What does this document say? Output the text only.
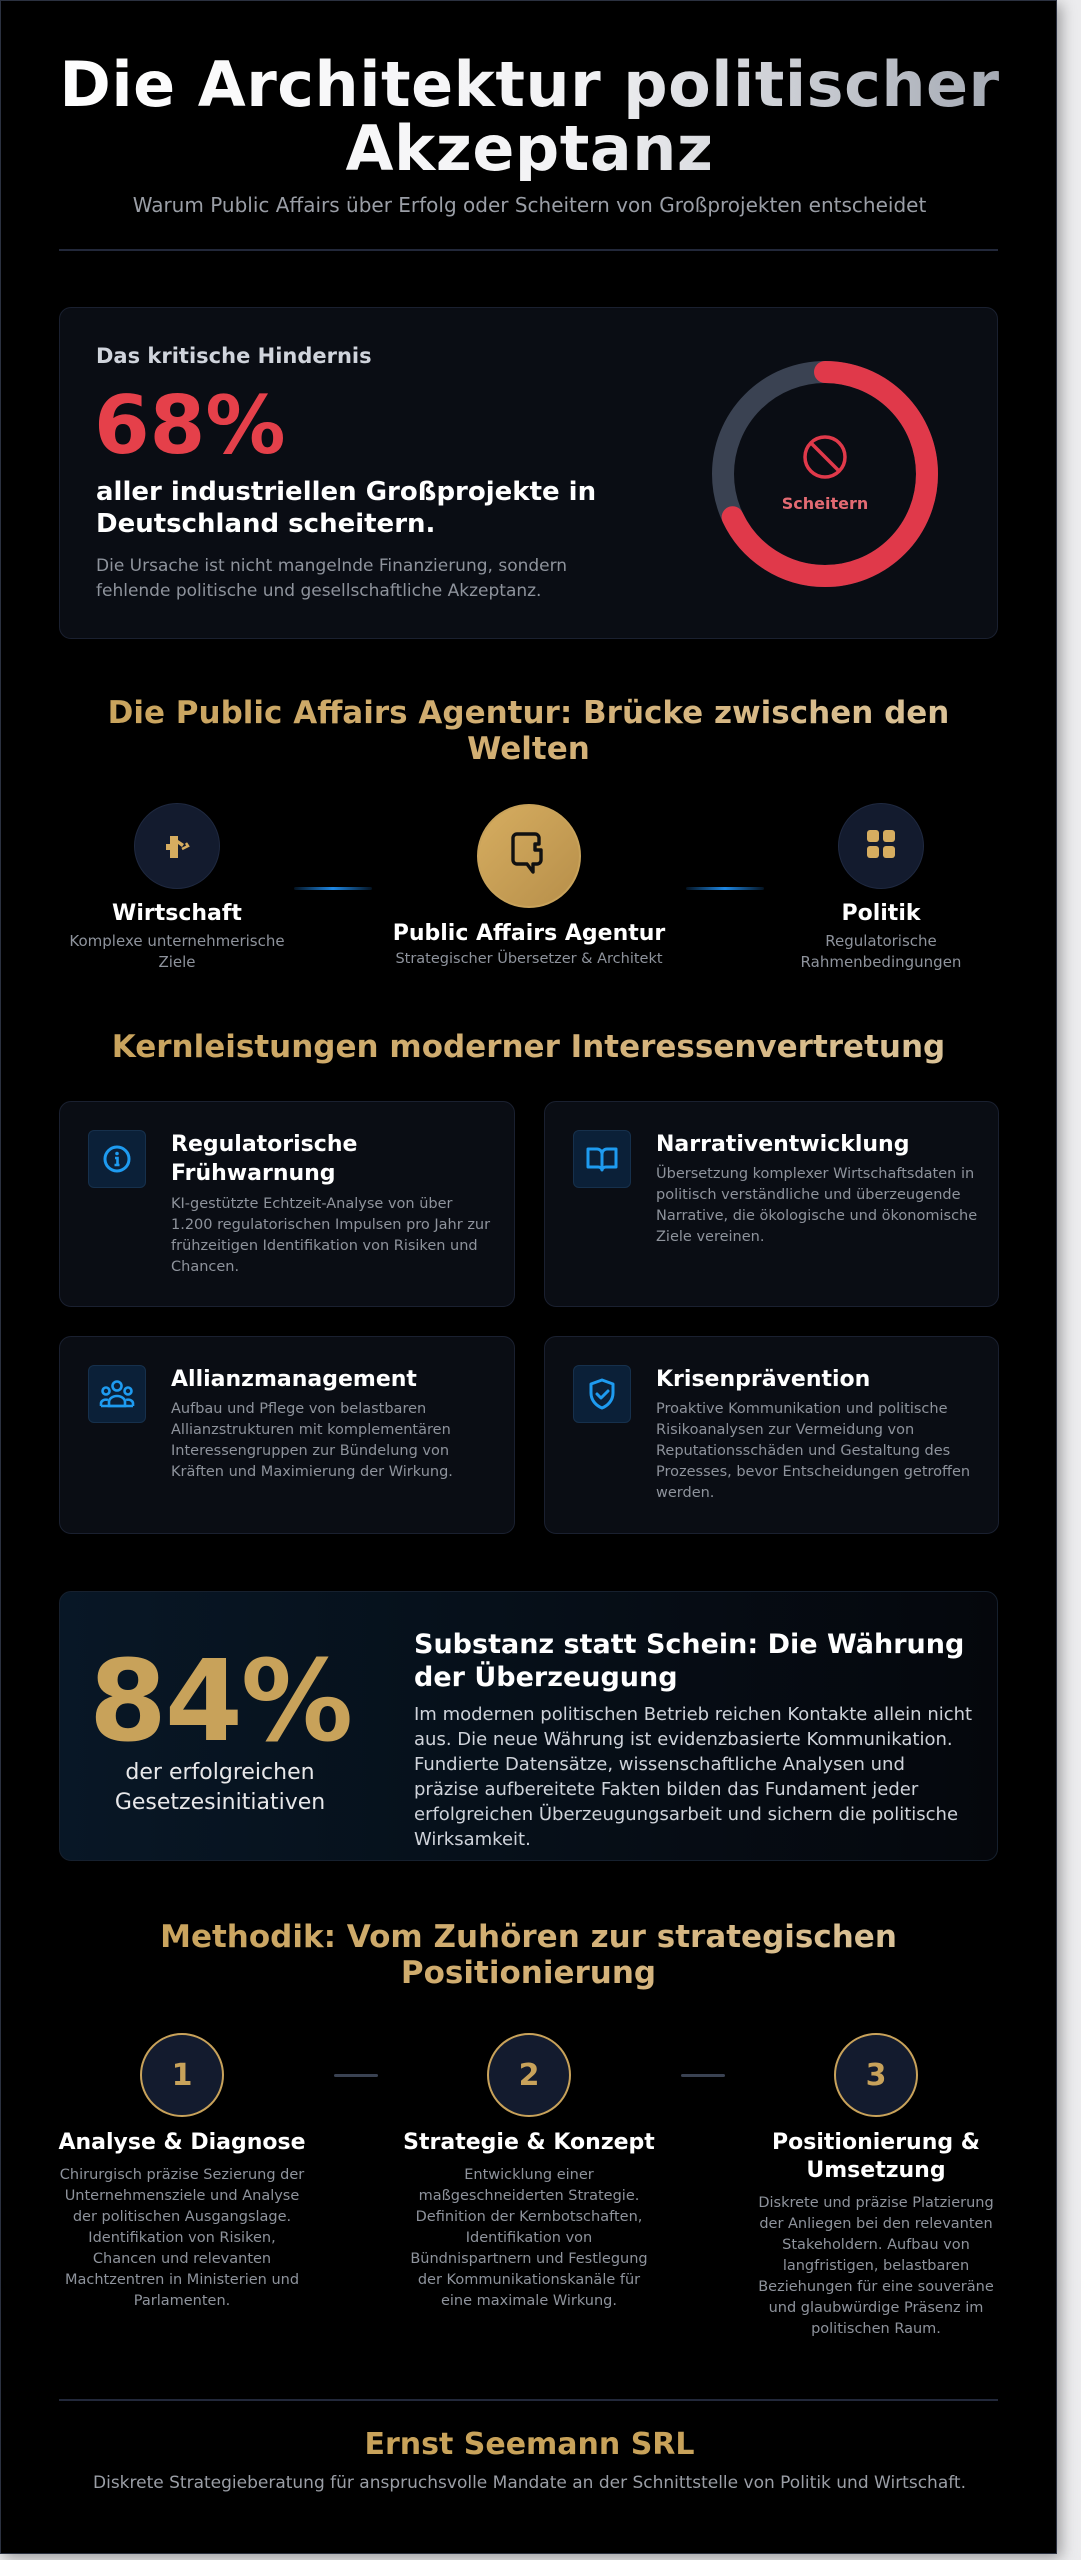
Die Architektur politischer
Akzeptanz
Warum Public Affairs über Erfolg oder Scheitern von Großprojekten entscheidet
Das kritische Hindernis
68%
aller industriellen Großprojekte in Deutschland scheitern.
Die Ursache ist nicht mangelnde Finanzierung, sondern fehlende politische und gesellschaftliche Akzeptanz.
Scheitern
Die Public Affairs Agentur: Brücke zwischen den Welten
Wirtschaft
Komplexe unternehmerische Ziele
Public Affairs Agentur
Strategischer Übersetzer & Architekt
Politik
Regulatorische Rahmenbedingungen
Kernleistungen moderner Interessenvertretung
Regulatorische Frühwarnung
KI-gestützte Echtzeit-Analyse von über 1.200 regulatorischen Impulsen pro Jahr zur frühzeitigen Identifikation von Risiken und Chancen.
Narrativentwicklung
Übersetzung komplexer Wirtschaftsdaten in politisch verständliche und überzeugende Narrative, die ökologische und ökonomische Ziele vereinen.
Allianzmanagement
Aufbau und Pflege von belastbaren Allianzstrukturen mit komplementären Interessengruppen zur Bündelung von Kräften und Maximierung der Wirkung.
Krisenprävention
Proaktive Kommunikation und politische Risikoanalysen zur Vermeidung von Reputationsschäden und Gestaltung des Prozesses, bevor Entscheidungen getroffen werden.
84%
der erfolgreichen Gesetzesinitiativen
Substanz statt Schein: Die Währung der Überzeugung
Im modernen politischen Betrieb reichen Kontakte allein nicht aus. Die neue Währung ist evidenzbasierte Kommunikation. Fundierte Datensätze, wissenschaftliche Analysen und präzise aufbereitete Fakten bilden das Fundament jeder erfolgreichen Überzeugungsarbeit und sichern die politische Wirksamkeit.
Methodik: Vom Zuhören zur strategischen Positionierung
1	2	3
Analyse & Diagnose
Chirurgisch präzise Sezierung der Unternehmensziele und Analyse der politischen Ausgangslage. Identifikation von Risiken, Chancen und relevanten Machtzentren in Ministerien und Parlamenten.
Strategie & Konzept
Entwicklung einer maßgeschneiderten Strategie. Definition der Kernbotschaften, Identifikation von Bündnispartnern und Festlegung der Kommunikationskanäle für eine maximale Wirkung.
Positionierung & Umsetzung
Diskrete und präzise Platzierung der Anliegen bei den relevanten Stakeholdern. Aufbau von langfristigen, belastbaren Beziehungen für eine souveräne und glaubwürdige Präsenz im politischen Raum.
Ernst Seemann SRL
Diskrete Strategieberatung für anspruchsvolle Mandate an der Schnittstelle von Politik und Wirtschaft.
